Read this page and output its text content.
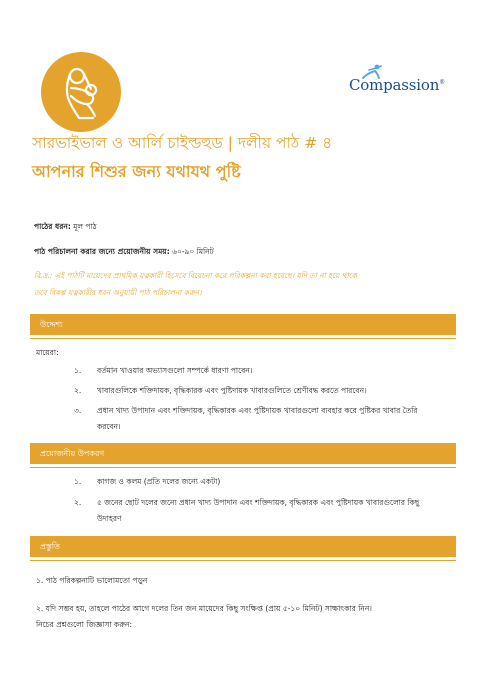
Compassion®
সারভাইভাল ও আর্লি চাইল্ডহুড | দলীয় পাঠ # ৪
আপনার শিশুর জন্য যথাযথ পুষ্টি
পাঠের ধরন: মূল পাঠ
পাঠ পরিচালনা করার জন্যে প্রয়োজনীয় সময়: ৬০-৯০ মিনিট
বি.দ্র.: এই পাঠটি মায়েদের প্রাথমিক যত্নকারী হিসেবে বিবেচনা করে পরিকল্পনা করা হয়েছে। যদি তা না হয়ে থাকে
তবে বিকল্প যত্নকারীর ধরন অনুযায়ী পাঠ পরিচালনা করুন।
উদ্দেশ্য
মায়েরা:
১. বর্তমান খাওয়ার অভ্যাসগুলো সম্পর্কে ধারণা পাবেন।
২. খাবারগুলিকে শক্তিদায়ক, বৃদ্ধিকারক এবং পুষ্টিদায়ক খাবারগুলিতে শ্রেণীবদ্ধ করতে পারবেন।
৩. প্রধান খাদ্য উপাদান এবং শক্তিদায়ক, বৃদ্ধিকারক এবং পুষ্টিদায়ক খাবারগুলো ব্যবহার করে পুষ্টিকর খাবার তৈরি
করবেন।
প্রয়োজনীয় উপকরণ
১. কাগজ ও কলম (প্রতি দলের জন্যে একটা)
২. ৫ জনের ছোট দলের জন্যে প্রধান খাদ্য উপাদান এবং শক্তিদায়ক, বৃদ্ধিকারক এবং পুষ্টিদায়ক খাবারগুলোর কিছু
উদাহরণ
প্রস্তুতি
১. পাঠ পরিকল্পনাটি ভালোমতো পড়ুন
২. যদি সম্ভব হয়, তাহলে পাঠের আগে দলের তিন জন মায়েদের কিছু সংক্ষিপ্ত (প্রায় ৫-১০ মিনিট) সাক্ষাৎকার নিন।
নিচের প্রশ্নগুলো জিজ্ঞাসা করুন:
